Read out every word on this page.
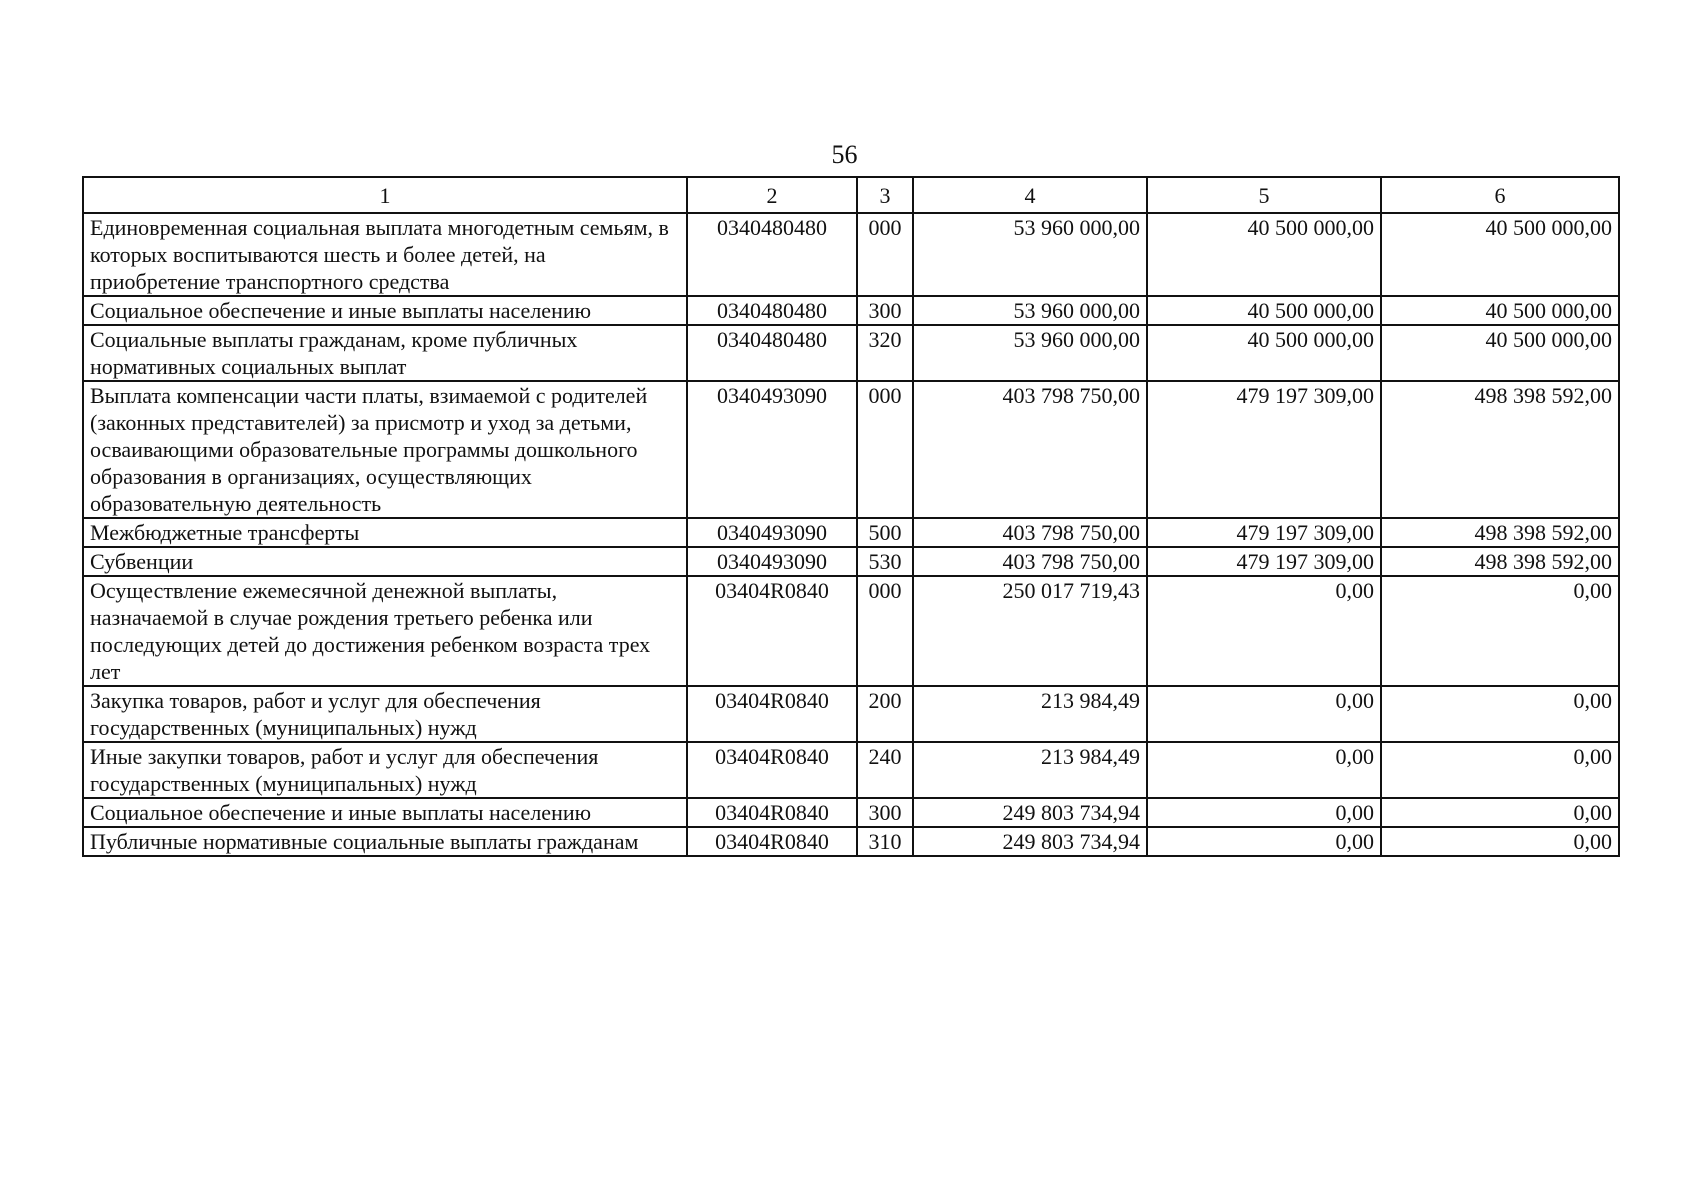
56
1	2	3	4	5	6
Единовременная социальная выплата многодетным семьям, в которых воспитываются шесть и более детей, на приобретение транспортного средства	0340480480	000	53 960 000,00	40 500 000,00	40 500 000,00
Социальное обеспечение и иные выплаты населению	0340480480	300	53 960 000,00	40 500 000,00	40 500 000,00
Социальные выплаты гражданам, кроме публичных нормативных социальных выплат	0340480480	320	53 960 000,00	40 500 000,00	40 500 000,00
Выплата компенсации части платы, взимаемой с родителей (законных представителей) за присмотр и уход за детьми, осваивающими образовательные программы дошкольного образования в организациях, осуществляющих образовательную деятельность	0340493090	000	403 798 750,00	479 197 309,00	498 398 592,00
Межбюджетные трансферты	0340493090	500	403 798 750,00	479 197 309,00	498 398 592,00
Субвенции	0340493090	530	403 798 750,00	479 197 309,00	498 398 592,00
Осуществление ежемесячной денежной выплаты, назначаемой в случае рождения третьего ребенка или последующих детей до достижения ребенком возраста трех лет	03404R0840	000	250 017 719,43	0,00	0,00
Закупка товаров, работ и услуг для обеспечения государственных (муниципальных) нужд	03404R0840	200	213 984,49	0,00	0,00
Иные закупки товаров, работ и услуг для обеспечения государственных (муниципальных) нужд	03404R0840	240	213 984,49	0,00	0,00
Социальное обеспечение и иные выплаты населению	03404R0840	300	249 803 734,94	0,00	0,00
Публичные нормативные социальные выплаты гражданам	03404R0840	310	249 803 734,94	0,00	0,00
